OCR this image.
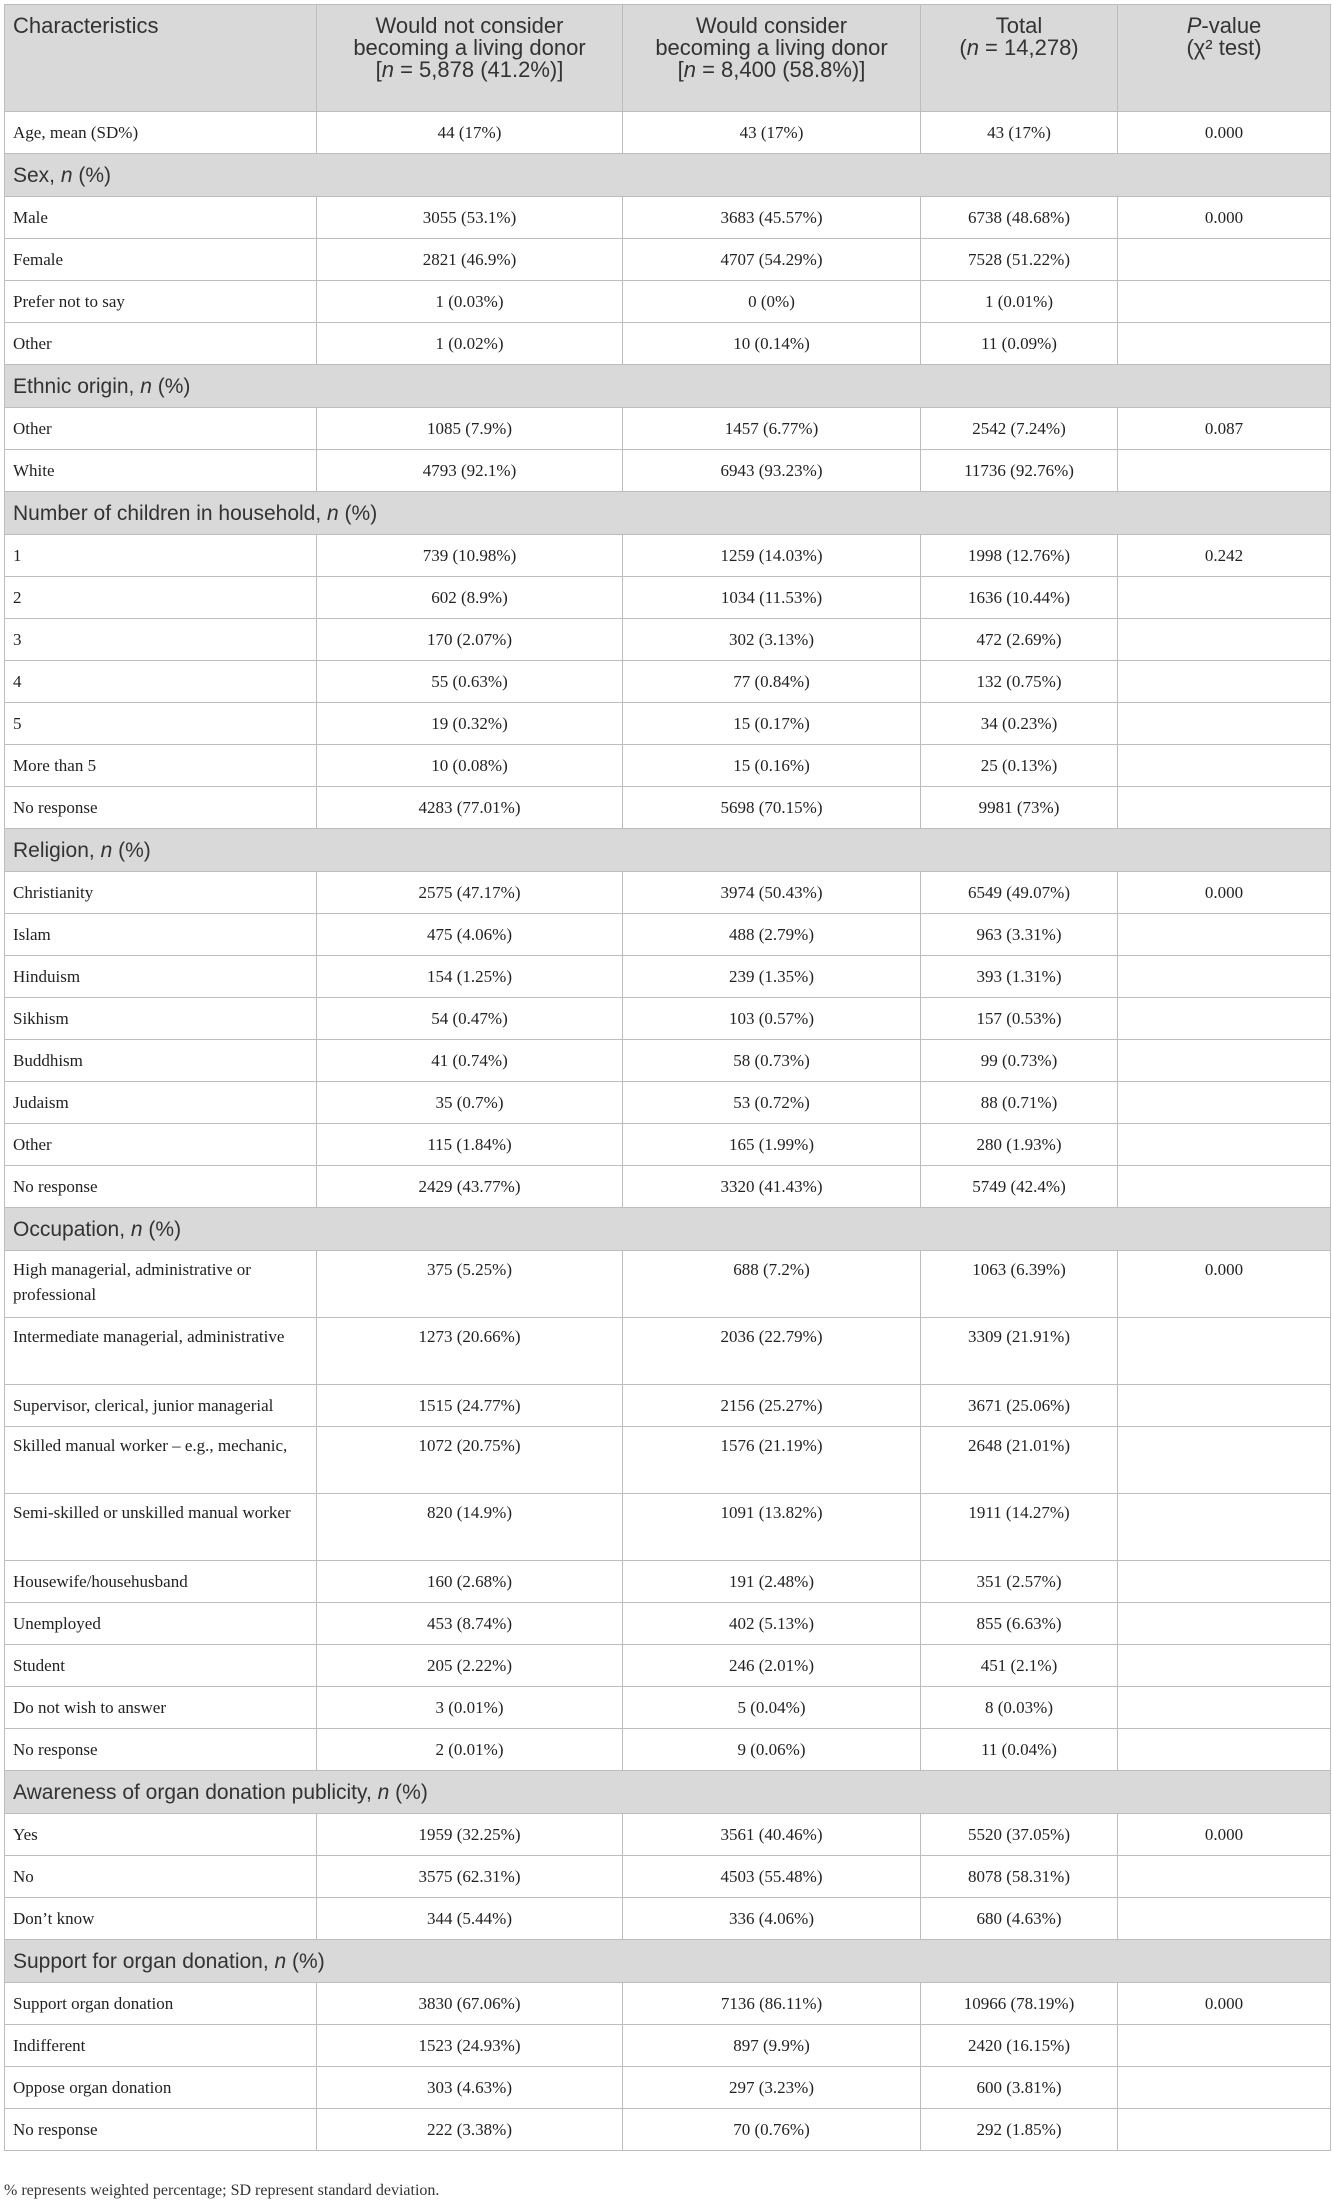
Characteristics	Would not consider
becoming a living donor
[n = 5,878 (41.2%)]	Would consider
becoming a living donor
[n = 8,400 (58.8%)]	Total
(n = 14,278)	P-value
(χ² test)

Age, mean (SD%)	44 (17%)	43 (17%)	43 (17%)	0.000
Sex, n (%)				
Male	3055 (53.1%)	3683 (45.57%)	6738 (48.68%)	0.000
Female	2821 (46.9%)	4707 (54.29%)	7528 (51.22%)	
Prefer not to say	1 (0.03%)	0 (0%)	1 (0.01%)	
Other	1 (0.02%)	10 (0.14%)	11 (0.09%)	
Ethnic origin, n (%)				
Other	1085 (7.9%)	1457 (6.77%)	2542 (7.24%)	0.087
White	4793 (92.1%)	6943 (93.23%)	11736 (92.76%)	
Number of children in household, n (%)				
1	739 (10.98%)	1259 (14.03%)	1998 (12.76%)	0.242
2	602 (8.9%)	1034 (11.53%)	1636 (10.44%)	
3	170 (2.07%)	302 (3.13%)	472 (2.69%)	
4	55 (0.63%)	77 (0.84%)	132 (0.75%)	
5	19 (0.32%)	15 (0.17%)	34 (0.23%)	
More than 5	10 (0.08%)	15 (0.16%)	25 (0.13%)	
No response	4283 (77.01%)	5698 (70.15%)	9981 (73%)	
Religion, n (%)				
Christianity	2575 (47.17%)	3974 (50.43%)	6549 (49.07%)	0.000
Islam	475 (4.06%)	488 (2.79%)	963 (3.31%)	
Hinduism	154 (1.25%)	239 (1.35%)	393 (1.31%)	
Sikhism	54 (0.47%)	103 (0.57%)	157 (0.53%)	
Buddhism	41 (0.74%)	58 (0.73%)	99 (0.73%)	
Judaism	35 (0.7%)	53 (0.72%)	88 (0.71%)	
Other	115 (1.84%)	165 (1.99%)	280 (1.93%)	
No response	2429 (43.77%)	3320 (41.43%)	5749 (42.4%)	
Occupation, n (%)				
High managerial, administrative or professional	375 (5.25%)	688 (7.2%)	1063 (6.39%)	0.000
Intermediate managerial, administrative	1273 (20.66%)	2036 (22.79%)	3309 (21.91%)	
Supervisor, clerical, junior managerial	1515 (24.77%)	2156 (25.27%)	3671 (25.06%)	
Skilled manual worker – e.g., mechanic,	1072 (20.75%)	1576 (21.19%)	2648 (21.01%)	
Semi-skilled or unskilled manual worker	820 (14.9%)	1091 (13.82%)	1911 (14.27%)	
Housewife/househusband	160 (2.68%)	191 (2.48%)	351 (2.57%)	
Unemployed	453 (8.74%)	402 (5.13%)	855 (6.63%)	
Student	205 (2.22%)	246 (2.01%)	451 (2.1%)	
Do not wish to answer	3 (0.01%)	5 (0.04%)	8 (0.03%)	
No response	2 (0.01%)	9 (0.06%)	11 (0.04%)	
Awareness of organ donation publicity, n (%)				
Yes	1959 (32.25%)	3561 (40.46%)	5520 (37.05%)	0.000
No	3575 (62.31%)	4503 (55.48%)	8078 (58.31%)	
Don’t know	344 (5.44%)	336 (4.06%)	680 (4.63%)	
Support for organ donation, n (%)				
Support organ donation	3830 (67.06%)	7136 (86.11%)	10966 (78.19%)	0.000
Indifferent	1523 (24.93%)	897 (9.9%)	2420 (16.15%)	
Oppose organ donation	303 (4.63%)	297 (3.23%)	600 (3.81%)	
No response	222 (3.38%)	70 (0.76%)	292 (1.85%)	
% represents weighted percentage; SD represent standard deviation.
